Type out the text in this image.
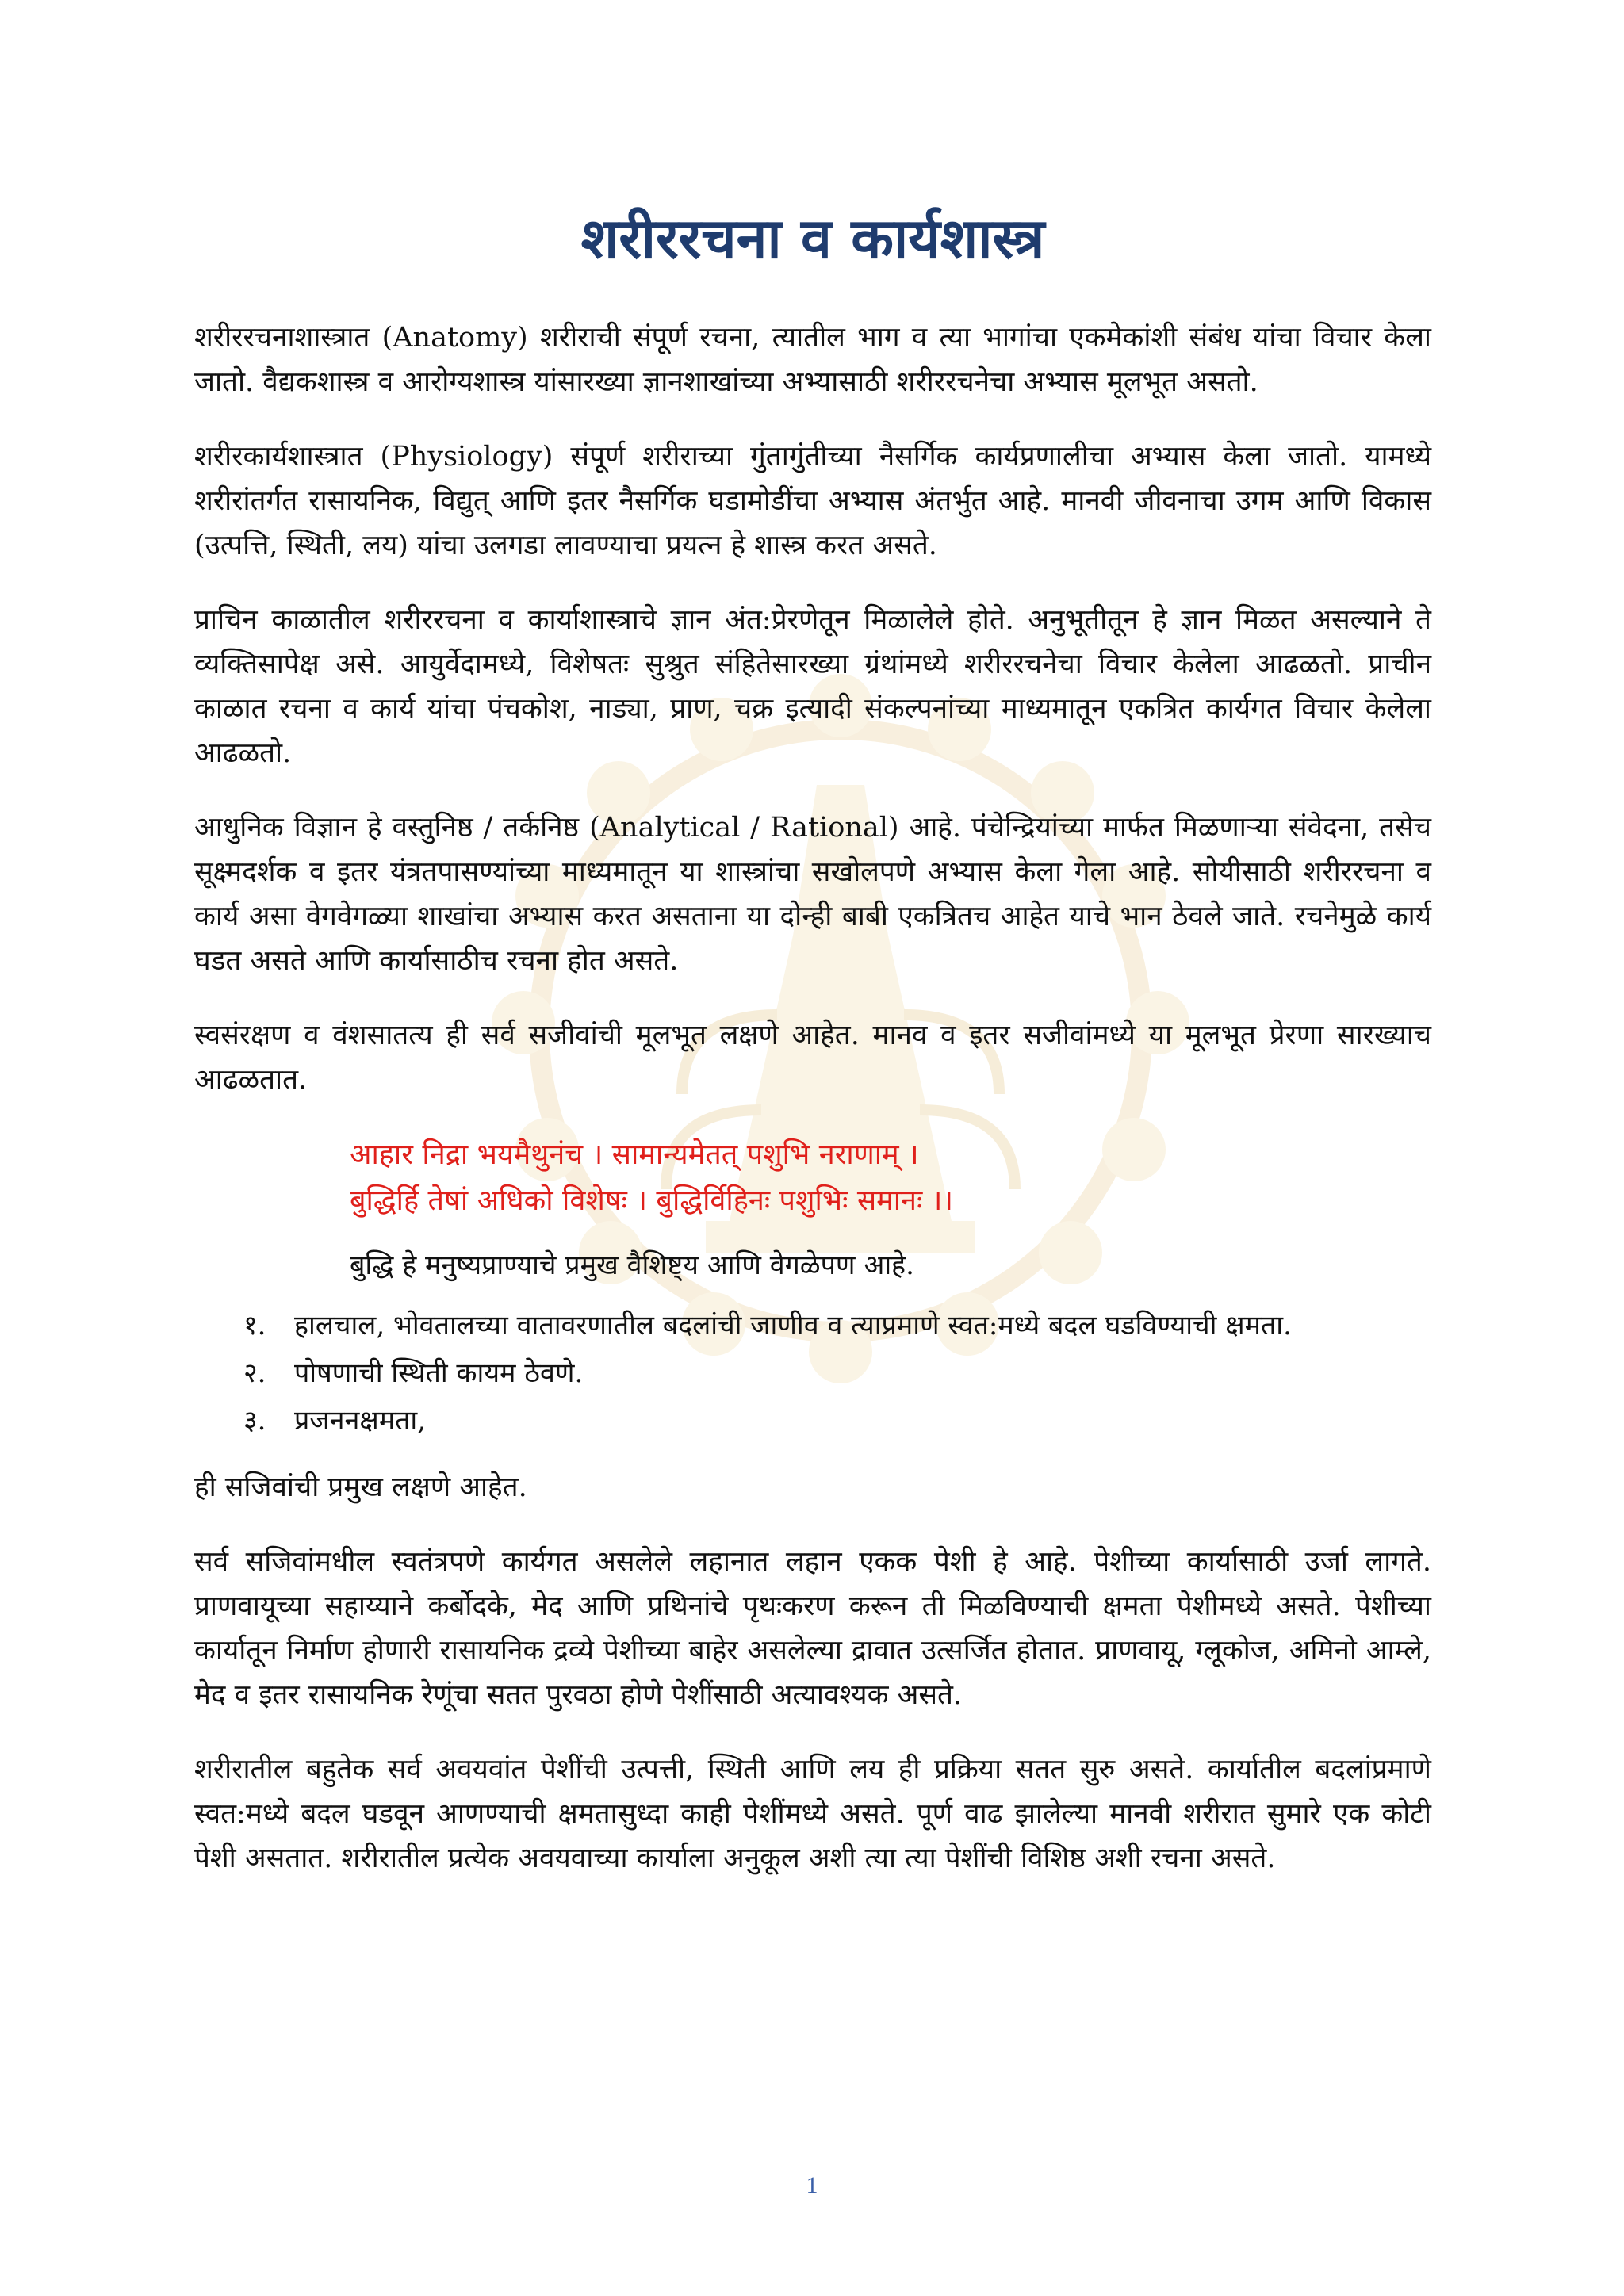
शरीररचना व कार्यशास्त्र

शरीररचनाशास्त्रात (Anatomy) शरीराची संपूर्ण रचना, त्यातील भाग व त्या भागांचा एकमेकांशी संबंध यांचा विचार केला जातो. वैद्यकशास्त्र व आरोग्यशास्त्र यांसारख्या ज्ञानशाखांच्या अभ्यासाठी शरीररचनेचा अभ्यास मूलभूत असतो.

शरीरकार्यशास्त्रात (Physiology) संपूर्ण शरीराच्या गुंतागुंतीच्या नैसर्गिक कार्यप्रणालीचा अभ्यास केला जातो. यामध्ये शरीरांतर्गत रासायनिक, विद्युत् आणि इतर नैसर्गिक घडामोडींचा अभ्यास अंतर्भुत आहे. मानवी जीवनाचा उगम आणि विकास (उत्पत्ति, स्थिती, लय) यांचा उलगडा लावण्याचा प्रयत्न हे शास्त्र करत असते.

प्राचिन काळातील शरीररचना व कार्याशास्त्राचे ज्ञान अंत:प्रेरणेतून मिळालेले होते. अनुभूतीतून हे ज्ञान मिळत असल्याने ते व्यक्तिसापेक्ष असे. आयुर्वेदामध्ये, विशेषतः सुश्रुत संहितेसारख्या ग्रंथांमध्ये शरीररचनेचा विचार केलेला आढळतो. प्राचीन काळात रचना व कार्य यांचा पंचकोश, नाड्या, प्राण, चक्र इत्यादी संकल्पनांच्या माध्यमातून एकत्रित कार्यगत विचार केलेला आढळतो.

आधुनिक विज्ञान हे वस्तुनिष्ठ / तर्कनिष्ठ (Analytical / Rational) आहे. पंचेन्द्रियांच्या मार्फत मिळणाऱ्या संवेदना, तसेच सूक्ष्मदर्शक व इतर यंत्रतपासण्यांच्या माध्यमातून या शास्त्रांचा सखोलपणे अभ्यास केला गेला आहे. सोयीसाठी शरीररचना व कार्य असा वेगवेगळ्या शाखांचा अभ्यास करत असताना या दोन्ही बाबी एकत्रितच आहेत याचे भान ठेवले जाते. रचनेमुळे कार्य घडत असते आणि कार्यासाठीच रचना होत असते.

स्वसंरक्षण व वंशसातत्य ही सर्व सजीवांची मूलभूत लक्षणे आहेत. मानव व इतर सजीवांमध्ये या मूलभूत प्रेरणा सारख्याच आढळतात.

आहार निद्रा भयमैथुनंच । सामान्यमेतत् पशुभि नराणाम् ।
बुद्धिर्हि तेषां अधिको विशेषः । बुद्धिर्विहिनः पशुभिः समानः ।।
बुद्धि हे मनुष्यप्राण्याचे प्रमुख वैशिष्ट्य आणि वेगळेपण आहे.
१.	हालचाल, भोवतालच्या वातावरणातील बदलांची जाणीव व त्याप्रमाणे स्वत:मध्ये बदल घडविण्याची क्षमता.
२.	पोषणाची स्थिती कायम ठेवणे.
३.	प्रजननक्षमता,

ही सजिवांची प्रमुख लक्षणे आहेत.

सर्व सजिवांमधील स्वतंत्रपणे कार्यगत असलेले लहानात लहान एकक पेशी हे आहे. पेशीच्या कार्यासाठी उर्जा लागते. प्राणवायूच्या सहाय्याने कर्बोदके, मेद आणि प्रथिनांचे पृथःकरण करून ती मिळविण्याची क्षमता पेशीमध्ये असते. पेशीच्या कार्यातून निर्माण होणारी रासायनिक द्रव्ये पेशीच्या बाहेर असलेल्या द्रावात उत्सर्जित होतात. प्राणवायू, ग्लूकोज, अमिनो आम्ले, मेद व इतर रासायनिक रेणूंचा सतत पुरवठा होणे पेशींसाठी अत्यावश्यक असते.

शरीरातील बहुतेक सर्व अवयवांत पेशींची उत्पत्ती, स्थिती आणि लय ही प्रक्रिया सतत सुरु असते. कार्यातील बदलांप्रमाणे स्वत:मध्ये बदल घडवून आणण्याची क्षमतासुध्दा काही पेशींमध्ये असते. पूर्ण वाढ झालेल्या मानवी शरीरात सुमारे एक कोटी पेशी असतात. शरीरातील प्रत्येक अवयवाच्या कार्याला अनुकूल अशी त्या त्या पेशींची विशिष्ठ अशी रचना असते.

1
